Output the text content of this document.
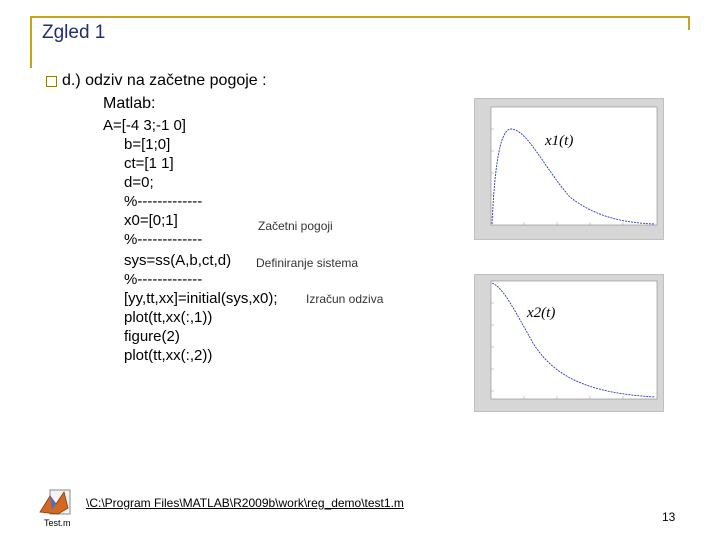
Zgled 1
d.) odziv na začetne pogoje :
Matlab:
A=[-4 3;-1 0]
b=[1;0]
ct=[1 1]
d=0;
%-------------
x0=[0;1]
%-------------
sys=ss(A,b,ct,d)
%-------------
[yy,tt,xx]=initial(sys,x0);
plot(tt,xx(:,1))
figure(2)
plot(tt,xx(:,2))
Začetni pogoji
Definiranje sistema
Izračun odziva
x1(t)
x2(t)
Test.m
\C:\Program Files\MATLAB\R2009b\work\reg_demo\test1.m
13
